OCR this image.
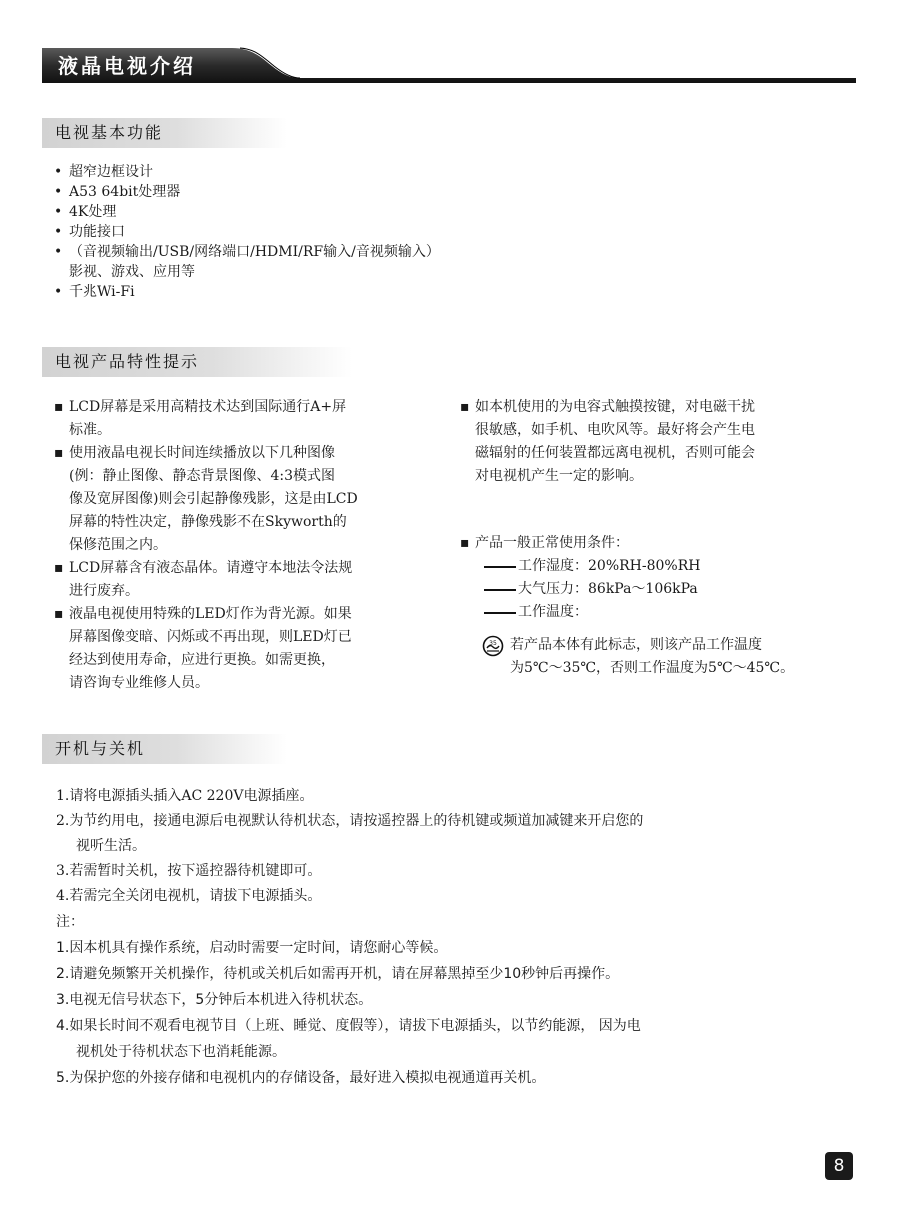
液晶电视介绍
电视基本功能
• 超窄边框设计
• A53 64bit处理器
• 4K处理
• 功能接口
• （音视频输出/USB/网络端口/HDMI/RF输入/音视频输入）
影视、游戏、应用等
• 千兆Wi-Fi
电视产品特性提示
▪ LCD屏幕是采用高精技术达到国际通行A+屏
标准。
▪ 使用液晶电视长时间连续播放以下几种图像
(例：静止图像、静态背景图像、4:3模式图
像及宽屏图像)则会引起静像残影，这是由LCD
屏幕的特性决定，静像残影不在Skyworth的
保修范围之内。
▪ LCD屏幕含有液态晶体。请遵守本地法令法规
进行废弃。
▪ 液晶电视使用特殊的LED灯作为背光源。如果
屏幕图像变暗、闪烁或不再出现，则LED灯已
经达到使用寿命，应进行更换。如需更换，
请咨询专业维修人员。
▪ 如本机使用的为电容式触摸按键，对电磁干扰
很敏感，如手机、电吹风等。最好将会产生电
磁辐射的任何装置都远离电视机，否则可能会
对电视机产生一定的影响。
▪ 产品一般正常使用条件：
工作湿度：20%RH-80%RH
大气压力：86kPa～106kPa
工作温度：
35 若产品本体有此标志，则该产品工作温度
为5℃～35℃，否则工作温度为5℃～45℃。
开机与关机
1.请将电源插头插入AC 220V电源插座。
2.为节约用电，接通电源后电视默认待机状态，请按遥控器上的待机键或频道加减键来开启您的
视听生活。
3.若需暂时关机，按下遥控器待机键即可。
4.若需完全关闭电视机，请拔下电源插头。
注：
1.因本机具有操作系统，启动时需要一定时间，请您耐心等候。
2.请避免频繁开关机操作，待机或关机后如需再开机，请在屏幕黑掉至少10秒钟后再操作。
3.电视无信号状态下，5分钟后本机进入待机状态。
4.如果长时间不观看电视节目（上班、睡觉、度假等），请拔下电源插头，以节约能源， 因为电
视机处于待机状态下也消耗能源。
5.为保护您的外接存储和电视机内的存储设备，最好进入模拟电视通道再关机。
8
